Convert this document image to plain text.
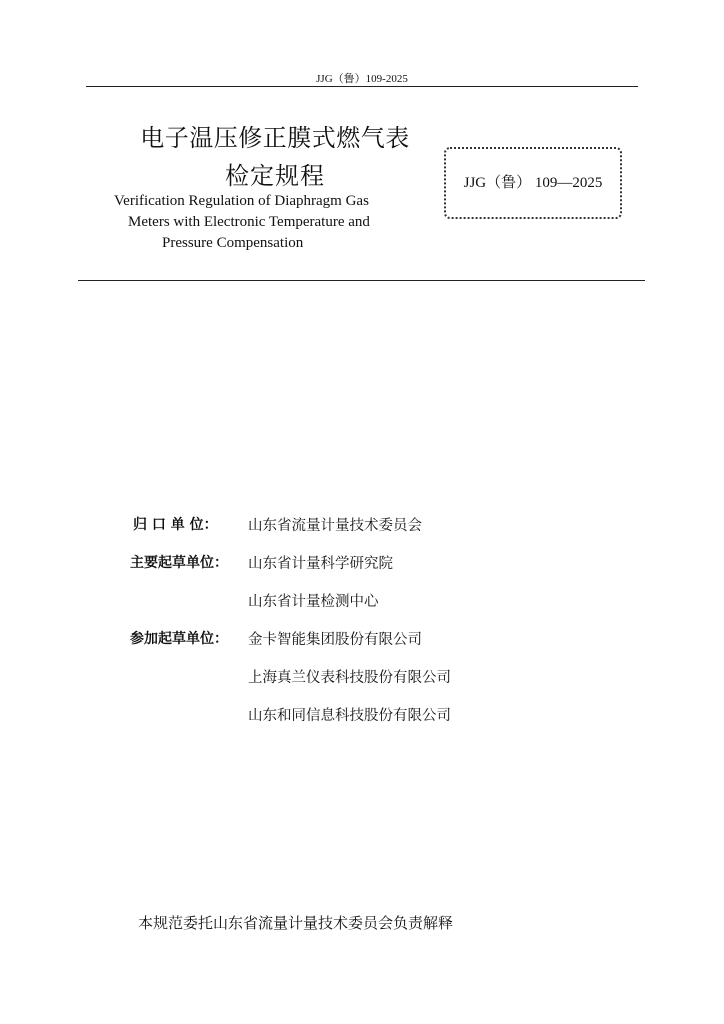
JJG（鲁）109-2025
电子温压修正膜式燃气表
检定规程
Verification Regulation of Diaphragm Gas
Meters with Electronic Temperature and
Pressure Compensation
JJG（鲁） 109—2025
归 口 单 位： 山东省流量计量技术委员会
主要起草单位： 山东省计量科学研究院
山东省计量检测中心
参加起草单位： 金卡智能集团股份有限公司
上海真兰仪表科技股份有限公司
山东和同信息科技股份有限公司
本规范委托山东省流量计量技术委员会负责解释
